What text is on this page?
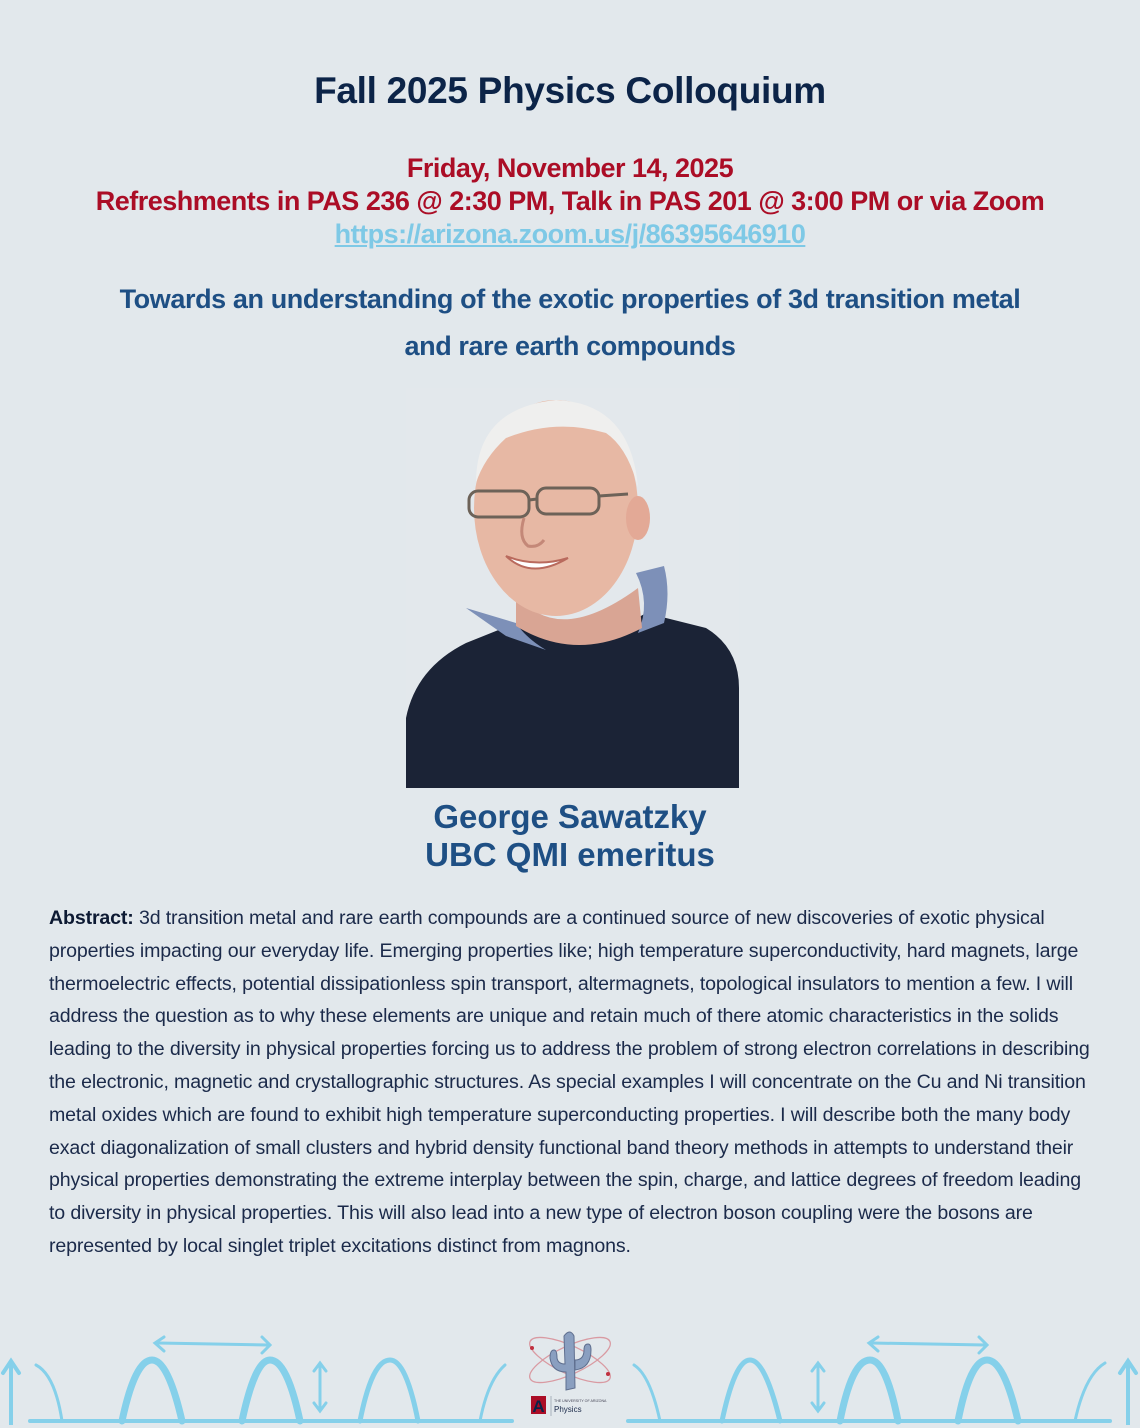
Fall 2025 Physics Colloquium
Friday, November 14, 2025
Refreshments in PAS 236 @ 2:30 PM, Talk in PAS 201 @ 3:00 PM or via Zoom
https://arizona.zoom.us/j/86395646910
Towards an understanding of the exotic properties of 3d transition metal
and rare earth compounds
George Sawatzky
UBC QMI emeritus
Abstract: 3d transition metal and rare earth compounds are a continued source of new discoveries of exotic physical properties impacting our everyday life. Emerging properties like; high temperature superconductivity, hard magnets, large thermoelectric effects, potential dissipationless spin transport, altermagnets, topological insulators to mention a few. I will address the question as to why these elements are unique and retain much of there atomic characteristics in the solids leading to the diversity in physical properties forcing us to address the problem of strong electron correlations in describing the electronic, magnetic and crystallographic structures. As special examples I will concentrate on the Cu and Ni transition metal oxides which are found to exhibit high temperature superconducting properties. I will describe both the many body exact diagonalization of small clusters and hybrid density functional band theory methods in attempts to understand their physical properties demonstrating the extreme interplay between the spin, charge, and lattice degrees of freedom leading to diversity in physical properties. This will also lead into a new type of electron boson coupling were the bosons are represented by local singlet triplet excitations distinct from magnons.
A	THE UNIVERSITY OF ARIZONA
Physics
